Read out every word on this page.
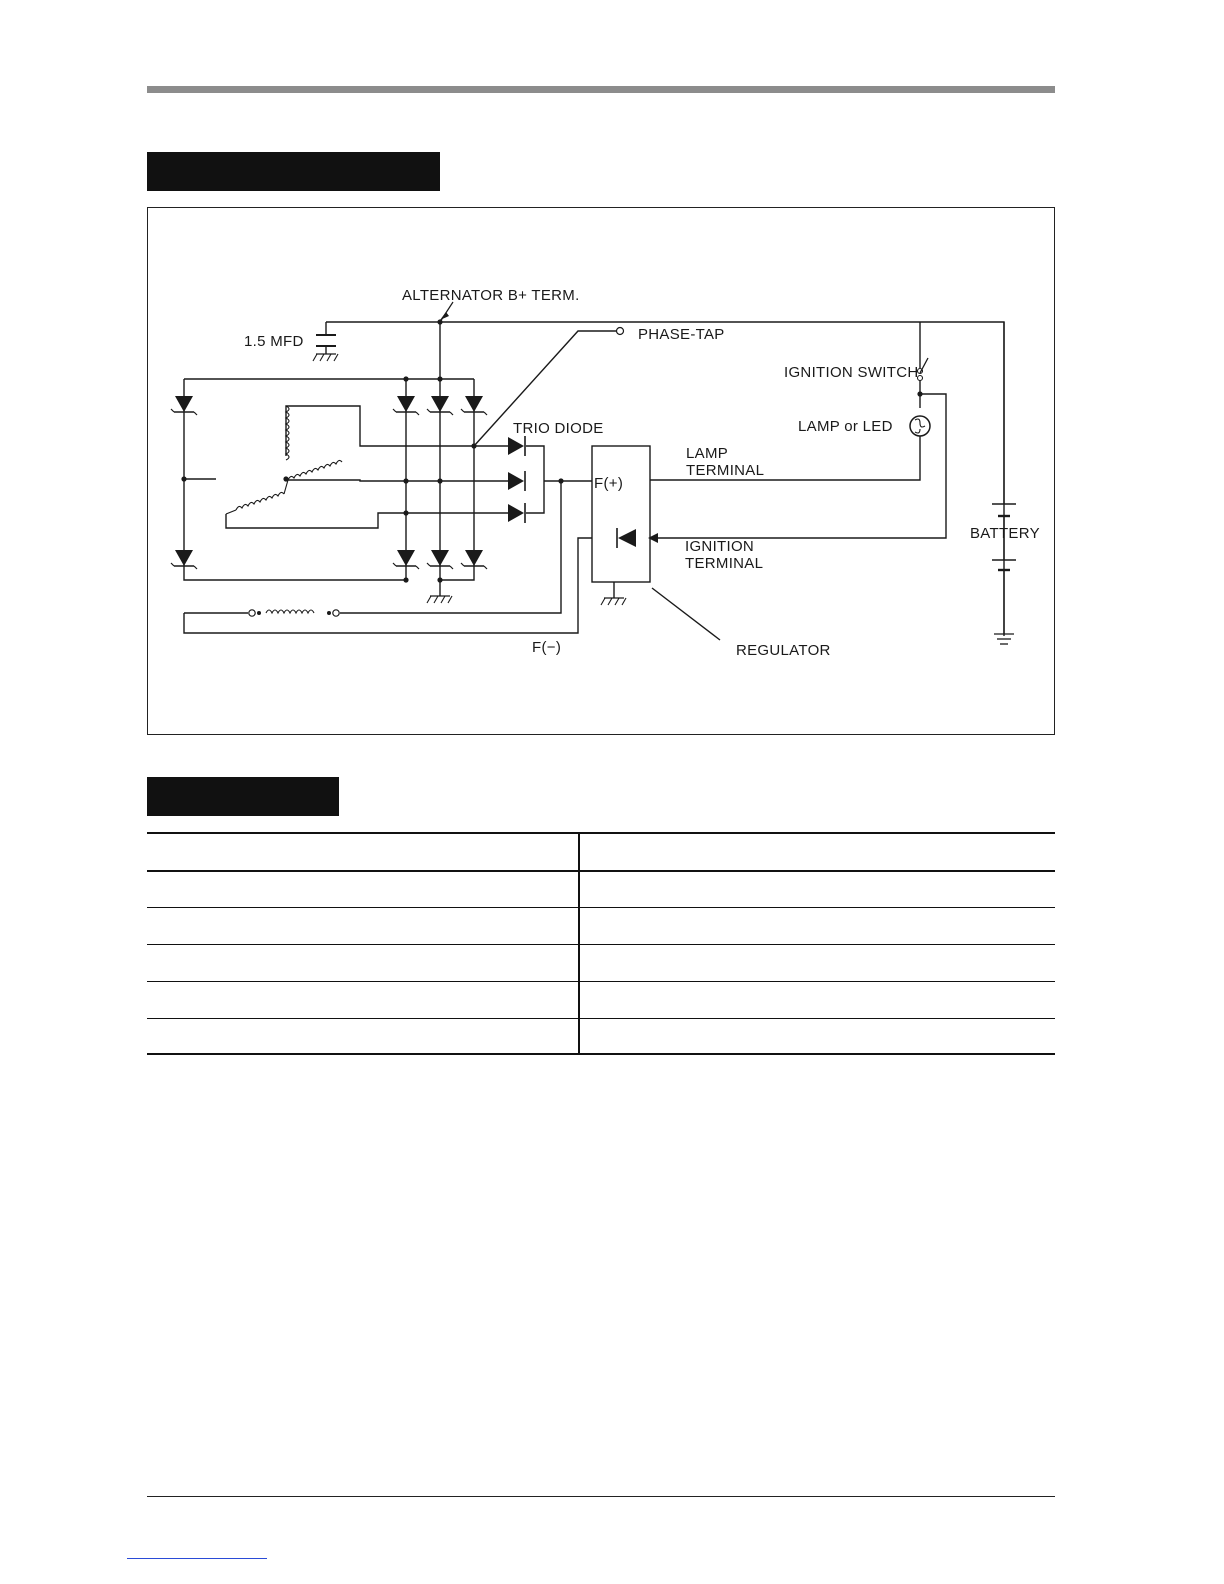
ALTERNATOR B+ TERM.
1.5 MFD	PHASE-TAP
IGNITION SWITCH
LAMP or LED
TRIO DIODE
LAMP
TERMINAL
F(+)
BATTERY
IGNITION
TERMINAL
F(−)	REGULATOR
